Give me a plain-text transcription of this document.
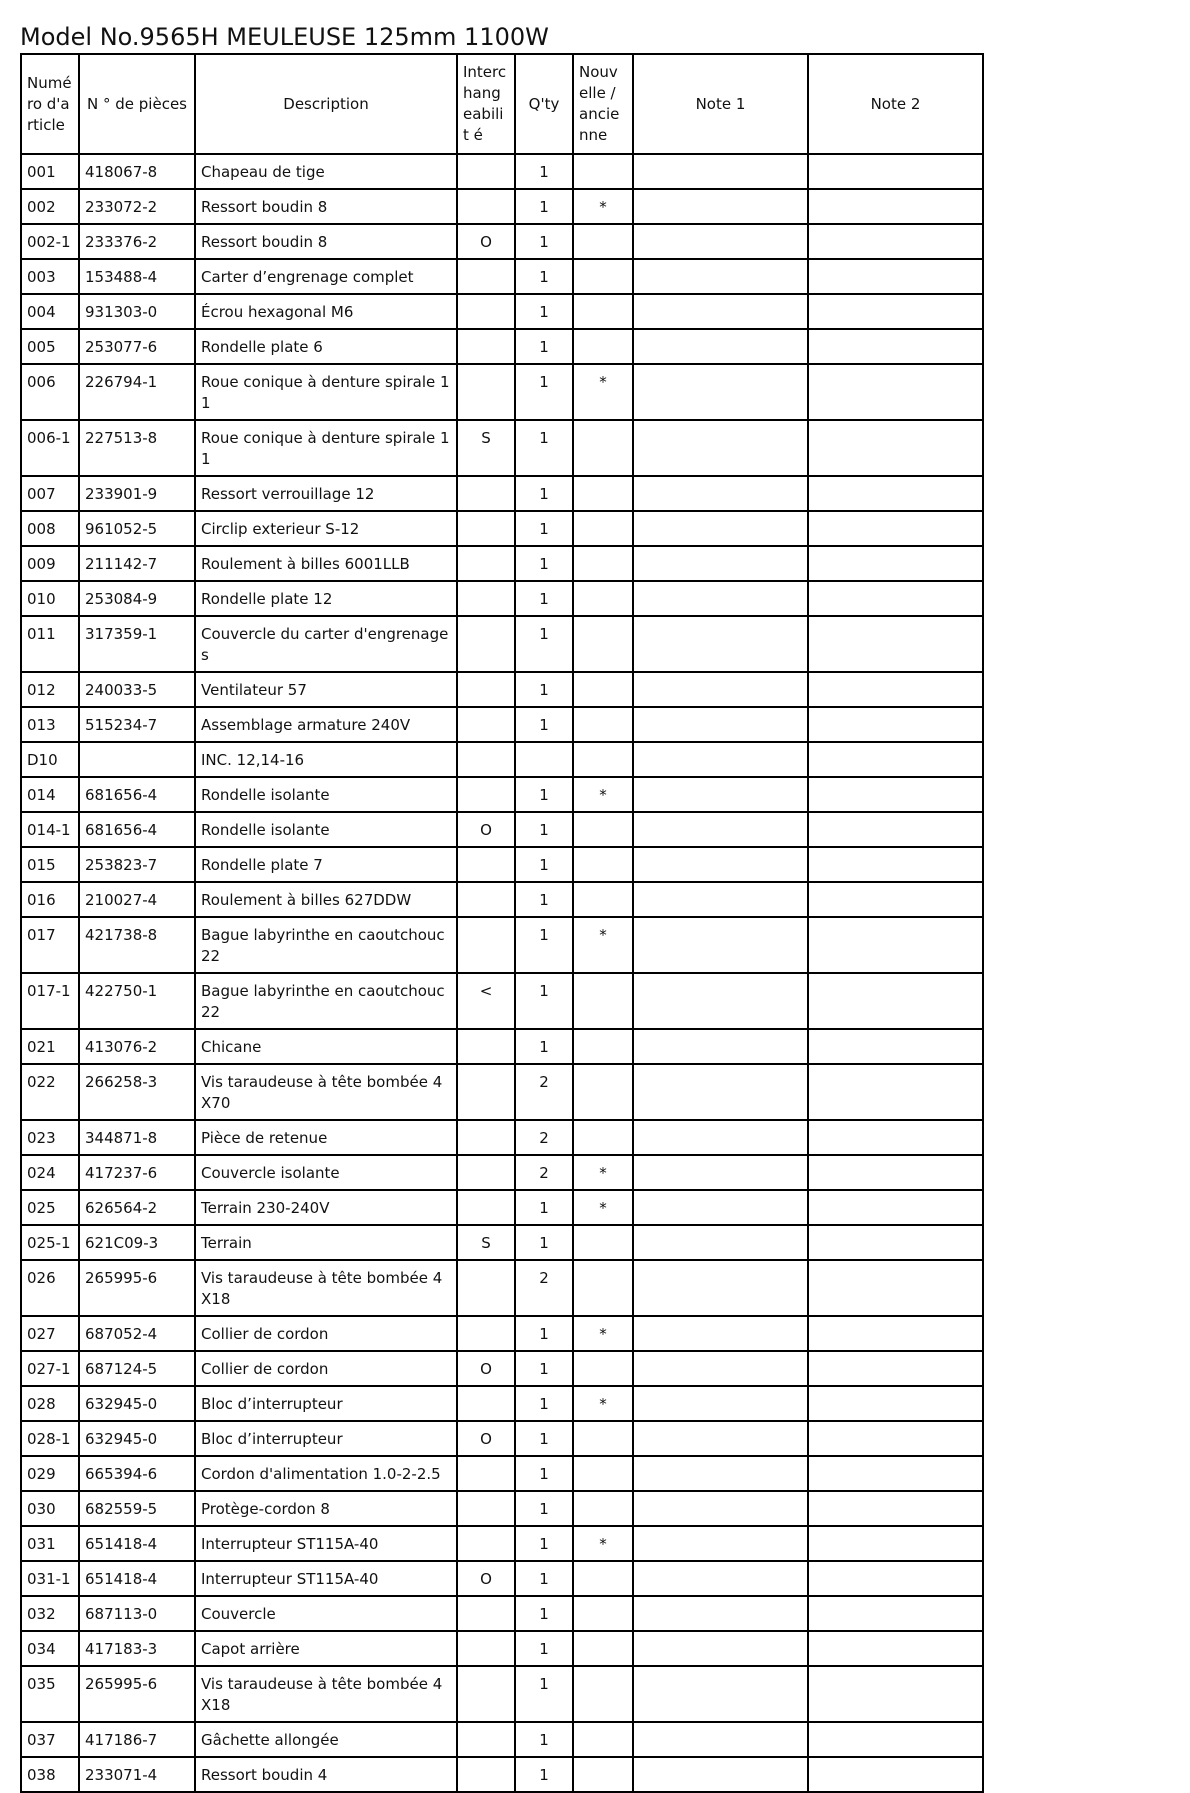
Model No.9565H MEULEUSE 125mm 1100W
Numé ro d'a rticle	N ° de pièces	Description	Interc hang eabilit é	Q'ty	Nouv elle / ancie nne	Note 1	Note 2
001	418067-8	Chapeau de tige		1			
002	233072-2	Ressort boudin 8		1	*		
002-1	233376-2	Ressort boudin 8	O	1			
003	153488-4	Carter d’engrenage complet		1			
004	931303-0	Écrou hexagonal M6		1			
005	253077-6	Rondelle plate 6		1			
006	226794-1	Roue conique à denture spirale 11		1	*		
006-1	227513-8	Roue conique à denture spirale 11	S	1			
007	233901-9	Ressort verrouillage 12		1			
008	961052-5	Circlip exterieur S-12		1			
009	211142-7	Roulement à billes 6001LLB		1			
010	253084-9	Rondelle plate 12		1			
011	317359-1	Couvercle du carter d'engrenages		1			
012	240033-5	Ventilateur 57		1			
013	515234-7	Assemblage armature 240V		1			
D10		INC. 12,14-16					
014	681656-4	Rondelle isolante		1	*		
014-1	681656-4	Rondelle isolante	O	1			
015	253823-7	Rondelle plate 7		1			
016	210027-4	Roulement à billes 627DDW		1			
017	421738-8	Bague labyrinthe en caoutchouc 22		1	*		
017-1	422750-1	Bague labyrinthe en caoutchouc 22	<	1			
021	413076-2	Chicane		1			
022	266258-3	Vis taraudeuse à tête bombée 4X70		2			
023	344871-8	Pièce de retenue		2			
024	417237-6	Couvercle isolante		2	*		
025	626564-2	Terrain 230-240V		1	*		
025-1	621C09-3	Terrain	S	1			
026	265995-6	Vis taraudeuse à tête bombée 4X18		2			
027	687052-4	Collier de cordon		1	*		
027-1	687124-5	Collier de cordon	O	1			
028	632945-0	Bloc d’interrupteur		1	*		
028-1	632945-0	Bloc d’interrupteur	O	1			
029	665394-6	Cordon d'alimentation 1.0-2-2.5		1			
030	682559-5	Protège-cordon 8		1			
031	651418-4	Interrupteur ST115A-40		1	*		
031-1	651418-4	Interrupteur ST115A-40	O	1			
032	687113-0	Couvercle		1			
034	417183-3	Capot arrière		1			
035	265995-6	Vis taraudeuse à tête bombée 4X18		1			
037	417186-7	Gâchette allongée		1			
038	233071-4	Ressort boudin 4		1			
